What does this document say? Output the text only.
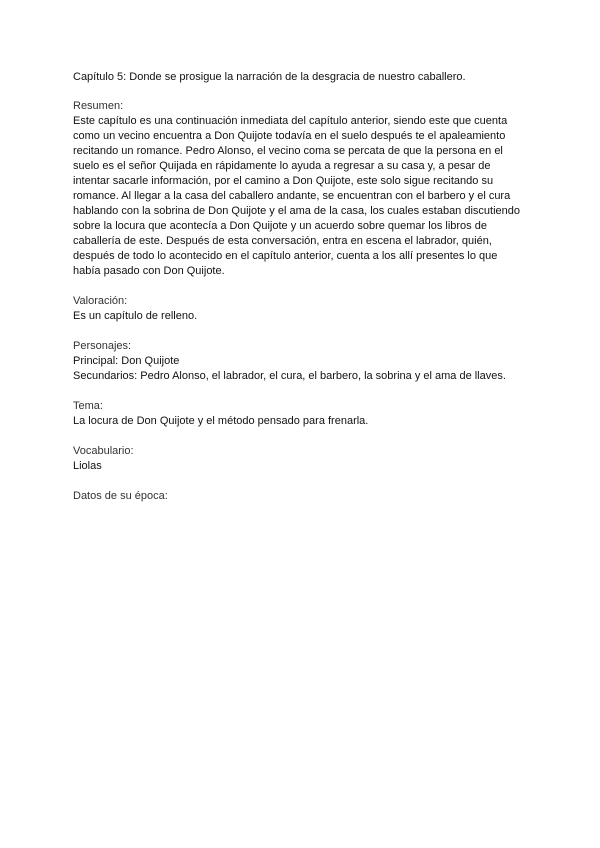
Capítulo 5: Donde se prosigue la narración de la desgracia de nuestro caballero.

Resumen:

Este capítulo es una continuación inmediata del capítulo anterior, siendo este que cuenta como un vecino encuentra a Don Quijote todavía en el suelo después te el apaleamiento recitando un romance. Pedro Alonso, el vecino coma se percata de que la persona en el suelo es el señor Quijada en rápidamente lo ayuda a regresar a su casa y, a pesar de intentar sacarle información, por el camino a Don Quijote, este solo sigue recitando su romance. Al llegar a la casa del caballero andante, se encuentran con el barbero y el cura hablando con la sobrina de Don Quijote y el ama de la casa, los cuales estaban discutiendo sobre la locura que acontecía a Don Quijote y un acuerdo sobre quemar los libros de caballería de este. Después de esta conversación, entra en escena el labrador, quién, después de todo lo acontecido en el capítulo anterior, cuenta a los allí presentes lo que había pasado con Don Quijote.

Valoración:

Es un capítulo de relleno.

Personajes:

Principal: Don Quijote

Secundarios: Pedro Alonso, el labrador, el cura, el barbero, la sobrina y el ama de llaves.

Tema:

La locura de Don Quijote y el método pensado para frenarla.

Vocabulario:

Liolas

Datos de su época:
